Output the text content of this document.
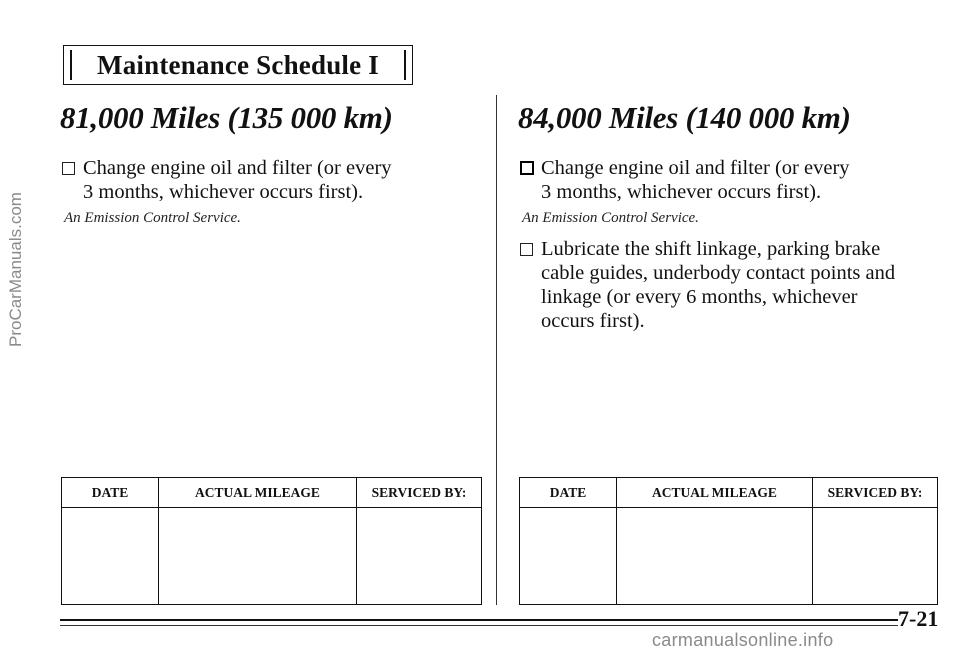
ProCarManuals.com
Maintenance Schedule I
81,000 Miles (135 000 km)
Change engine oil and filter (or every
3 months, whichever occurs first).
An Emission Control Service.
84,000 Miles (140 000 km)
Change engine oil and filter (or every
3 months, whichever occurs first).
An Emission Control Service.
Lubricate the shift linkage, parking brake
cable guides, underbody contact points and
linkage (or every 6 months, whichever
occurs first).
DATE	ACTUAL MILEAGE	SERVICED BY:
			DATE	ACTUAL MILEAGE	SERVICED BY:

7-21
carmanualsonline.info
